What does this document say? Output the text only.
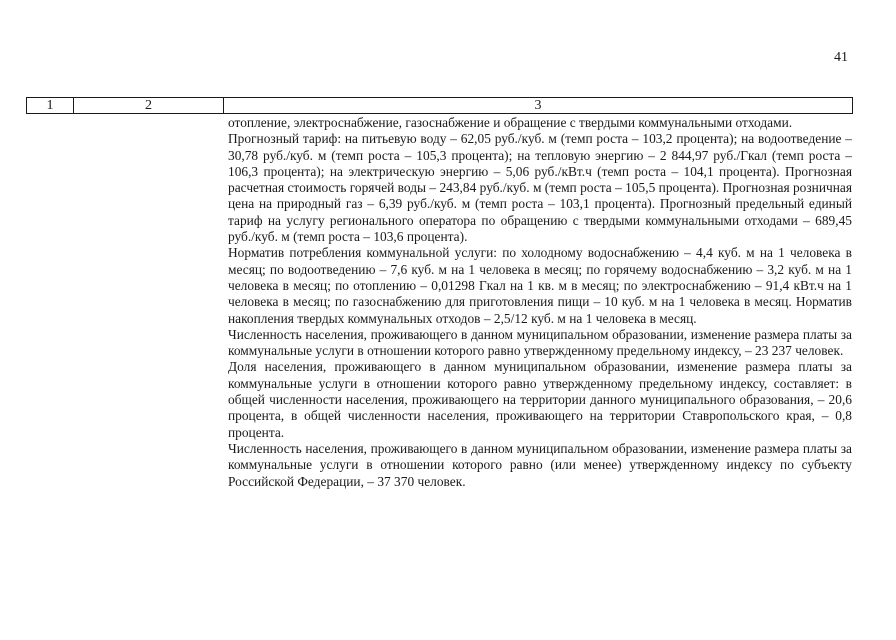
41
1	2	3

отопление, электроснабжение, газоснабжение и обращение с твердыми коммунальными отходами.

Прогнозный тариф: на питьевую воду – 62,05 руб./куб. м (темп роста – 103,2 процента); на водоотведение – 30,78 руб./куб. м (темп роста – 105,3 процента); на тепловую энергию – 2 844,97 руб./Гкал (темп роста – 106,3 процента); на электрическую энергию – 5,06 руб./кВт.ч (темп роста – 104,1 процента). Прогнозная расчетная стоимость горячей воды – 243,84 руб./куб. м (темп роста – 105,5 процента). Прогнозная розничная цена на природный газ – 6,39 руб./куб. м (темп роста – 103,1 процента). Прогнозный предельный единый тариф на услугу регионального оператора по обращению с твердыми коммунальными отходами – 689,45 руб./куб. м (темп роста – 103,6 процента).

Норматив потребления коммунальной услуги: по холодному водоснабжению – 4,4 куб. м на 1 человека в месяц; по водоотведению – 7,6 куб. м на 1 человека в месяц; по горячему водоснабжению – 3,2 куб. м на 1 человека в месяц; по отоплению – 0,01298 Гкал на 1 кв. м в месяц; по электроснабжению – 91,4 кВт.ч на 1 человека в месяц; по газоснабжению для приготовления пищи – 10 куб. м на 1 человека в месяц. Норматив накопления твердых коммунальных отходов – 2,5/12 куб. м на 1 человека в месяц.

Численность населения, проживающего в данном муниципальном образовании, изменение размера платы за коммунальные услуги в отношении которого равно утвержденному предельному индексу, – 23 237 человек.

Доля населения, проживающего в данном муниципальном образовании, изменение размера платы за коммунальные услуги в отношении которого равно утвержденному предельному индексу, составляет: в общей численности населения, проживающего на территории данного муниципального образования, – 20,6 процента, в общей численности населения, проживающего на территории Ставропольского края, – 0,8 процента.

Численность населения, проживающего в данном муниципальном образовании, изменение размера платы за коммунальные услуги в отношении которого равно (или менее) утвержденному индексу по субъекту Российской Федерации, – 37 370 человек.
